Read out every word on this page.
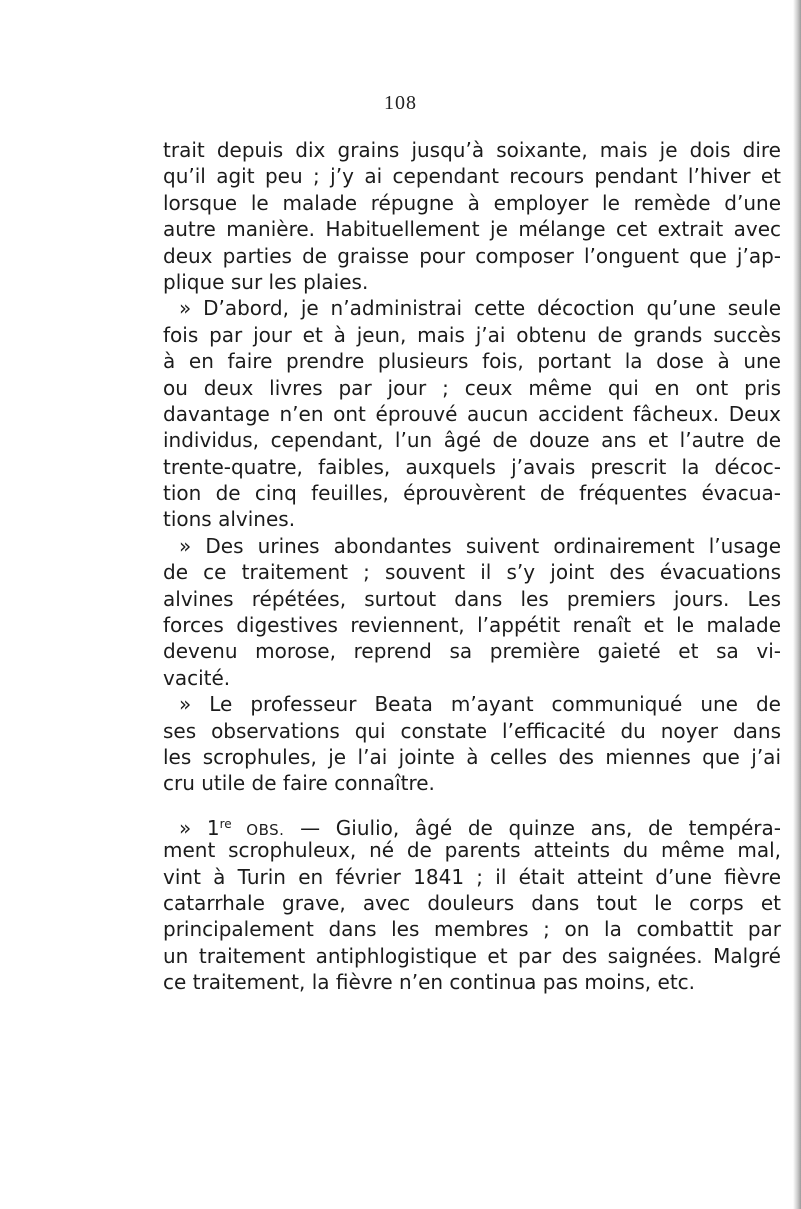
108
trait depuis dix grains jusqu’à soixante, mais je dois dire
qu’il agit peu ; j’y ai cependant recours pendant l’hiver et
lorsque le malade répugne à employer le remède d’une
autre manière. Habituellement je mélange cet extrait avec
deux parties de graisse pour composer l’onguent que j’ap-
plique sur les plaies.
» D’abord, je n’administrai cette décoction qu’une seule
fois par jour et à jeun, mais j’ai obtenu de grands succès
à en faire prendre plusieurs fois, portant la dose à une
ou deux livres par jour ; ceux même qui en ont pris
davantage n’en ont éprouvé aucun accident fâcheux. Deux
individus, cependant, l’un âgé de douze ans et l’autre de
trente-quatre, faibles, auxquels j’avais prescrit la décoc-
tion de cinq feuilles, éprouvèrent de fréquentes évacua-
tions alvines.
» Des urines abondantes suivent ordinairement l’usage
de ce traitement ; souvent il s’y joint des évacuations
alvines répétées, surtout dans les premiers jours. Les
forces digestives reviennent, l’appétit renaît et le malade
devenu morose, reprend sa première gaieté et sa vi-
vacité.
» Le professeur Beata m’ayant communiqué une de
ses observations qui constate l’efficacité du noyer dans
les scrophules, je l’ai jointe à celles des miennes que j’ai
cru utile de faire connaître.
» 1re OBS. — Giulio, âgé de quinze ans, de tempéra-
ment scrophuleux, né de parents atteints du même mal,
vint à Turin en février 1841 ; il était atteint d’une fièvre
catarrhale grave, avec douleurs dans tout le corps et
principalement dans les membres ; on la combattit par
un traitement antiphlogistique et par des saignées. Malgré
ce traitement, la fièvre n’en continua pas moins, etc.
